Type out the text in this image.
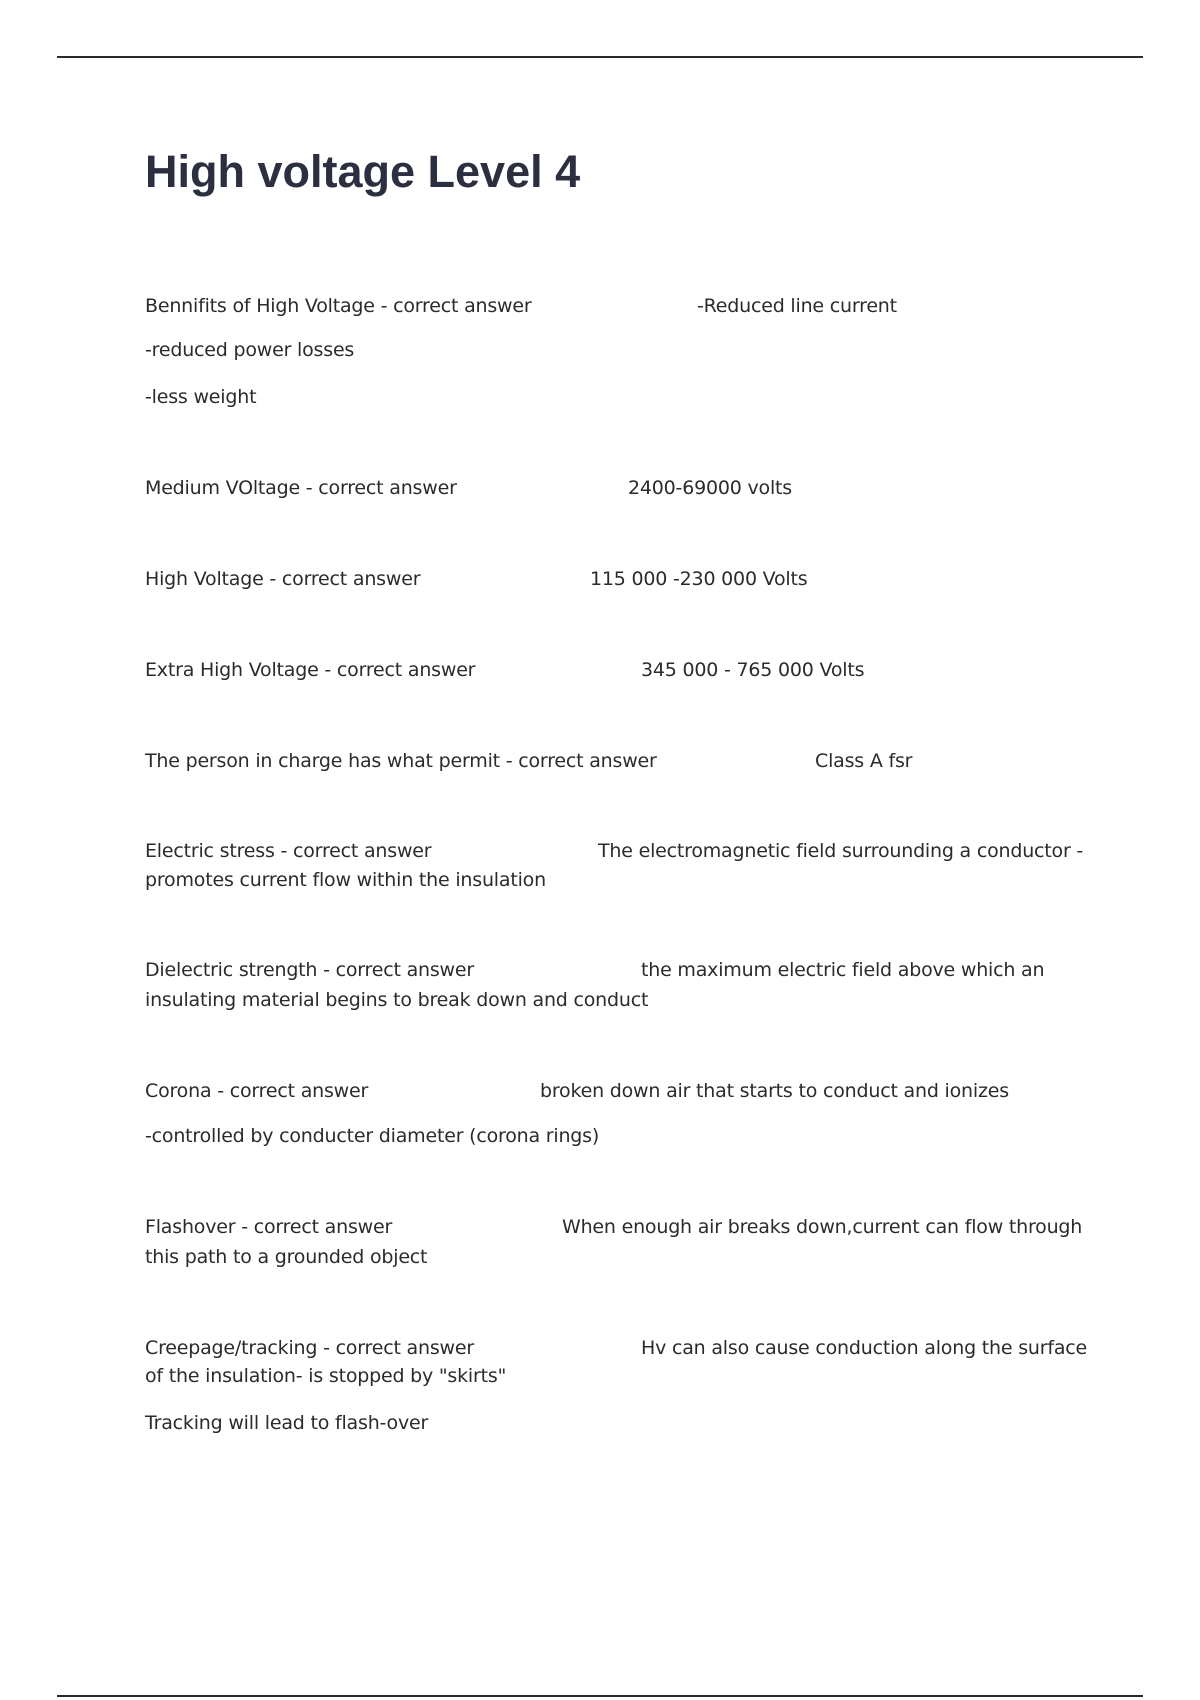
High voltage Level 4

Bennifits of High Voltage - correct answer	-Reduced line current

-reduced power losses

-less weight

Medium VOltage - correct answer	2400-69000 volts

High Voltage - correct answer	115 000 -230 000 Volts

Extra High Voltage - correct answer	345 000 - 765 000 Volts

The person in charge has what permit - correct answer	Class A fsr

Electric stress - correct answer	The electromagnetic field surrounding a conductor -

promotes current flow within the insulation

Dielectric strength - correct answer	the maximum electric field above which an

insulating material begins to break down and conduct

Corona - correct answer	broken down air that starts to conduct and ionizes

-controlled by conducter diameter (corona rings)

Flashover - correct answer	When enough air breaks down,current can flow through

this path to a grounded object

Creepage/tracking - correct answer	Hv can also cause conduction along the surface

of the insulation- is stopped by "skirts"

Tracking will lead to flash-over
